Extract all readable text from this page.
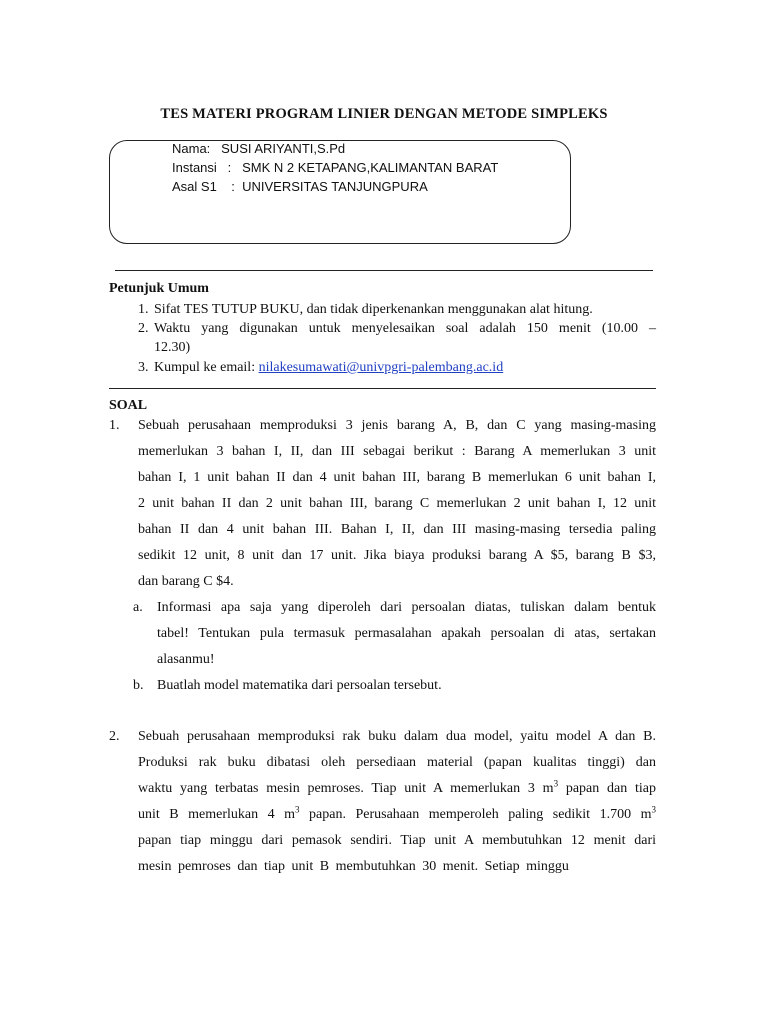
TES MATERI PROGRAM LINIER DENGAN METODE SIMPLEKS
Nama: SUSI ARIYANTI,S.Pd
Instansi   : SMK N 2 KETAPANG,KALIMANTAN BARAT
Asal S1    : UNIVERSITAS TANJUNGPURA
Petunjuk Umum
1. Sifat TES TUTUP BUKU, dan tidak diperkenankan menggunakan alat hitung.
2. Waktu yang digunakan untuk menyelesaikan soal adalah 150 menit (10.00 –
12.30)
3. Kumpul ke email: nilakesumawati@univpgri-palembang.ac.id
SOAL
1. Sebuah perusahaan memproduksi 3 jenis barang A, B, dan C yang masing-masing
memerlukan 3 bahan I, II, dan III sebagai berikut : Barang A memerlukan 3 unit
bahan I, 1 unit bahan II dan 4 unit bahan III, barang B memerlukan 6 unit bahan I,
2 unit bahan II dan 2 unit bahan III, barang C memerlukan 2 unit bahan I, 12 unit
bahan II dan 4 unit bahan III. Bahan I, II, dan III masing-masing tersedia paling
sedikit 12 unit, 8 unit dan 17 unit. Jika biaya produksi barang A $5, barang B $3,
dan barang C $4.
a. Informasi apa saja yang diperoleh dari persoalan diatas, tuliskan dalam bentuk
tabel! Tentukan pula termasuk permasalahan apakah persoalan di atas, sertakan
alasanmu!
b. Buatlah model matematika dari persoalan tersebut.
2. Sebuah perusahaan memproduksi rak buku dalam dua model, yaitu model A dan B.
Produksi rak buku dibatasi oleh persediaan material (papan kualitas tinggi) dan
waktu yang terbatas mesin pemroses. Tiap unit A memerlukan 3 $m^3$ papan dan tiap
unit B memerlukan 4 $m^3$ papan. Perusahaan memperoleh paling sedikit 1.700 $m^3$
papan tiap minggu dari pemasok sendiri. Tiap unit A membutuhkan 12 menit dari
mesin pemroses dan tiap unit B membutuhkan 30 menit. Setiap minggu
